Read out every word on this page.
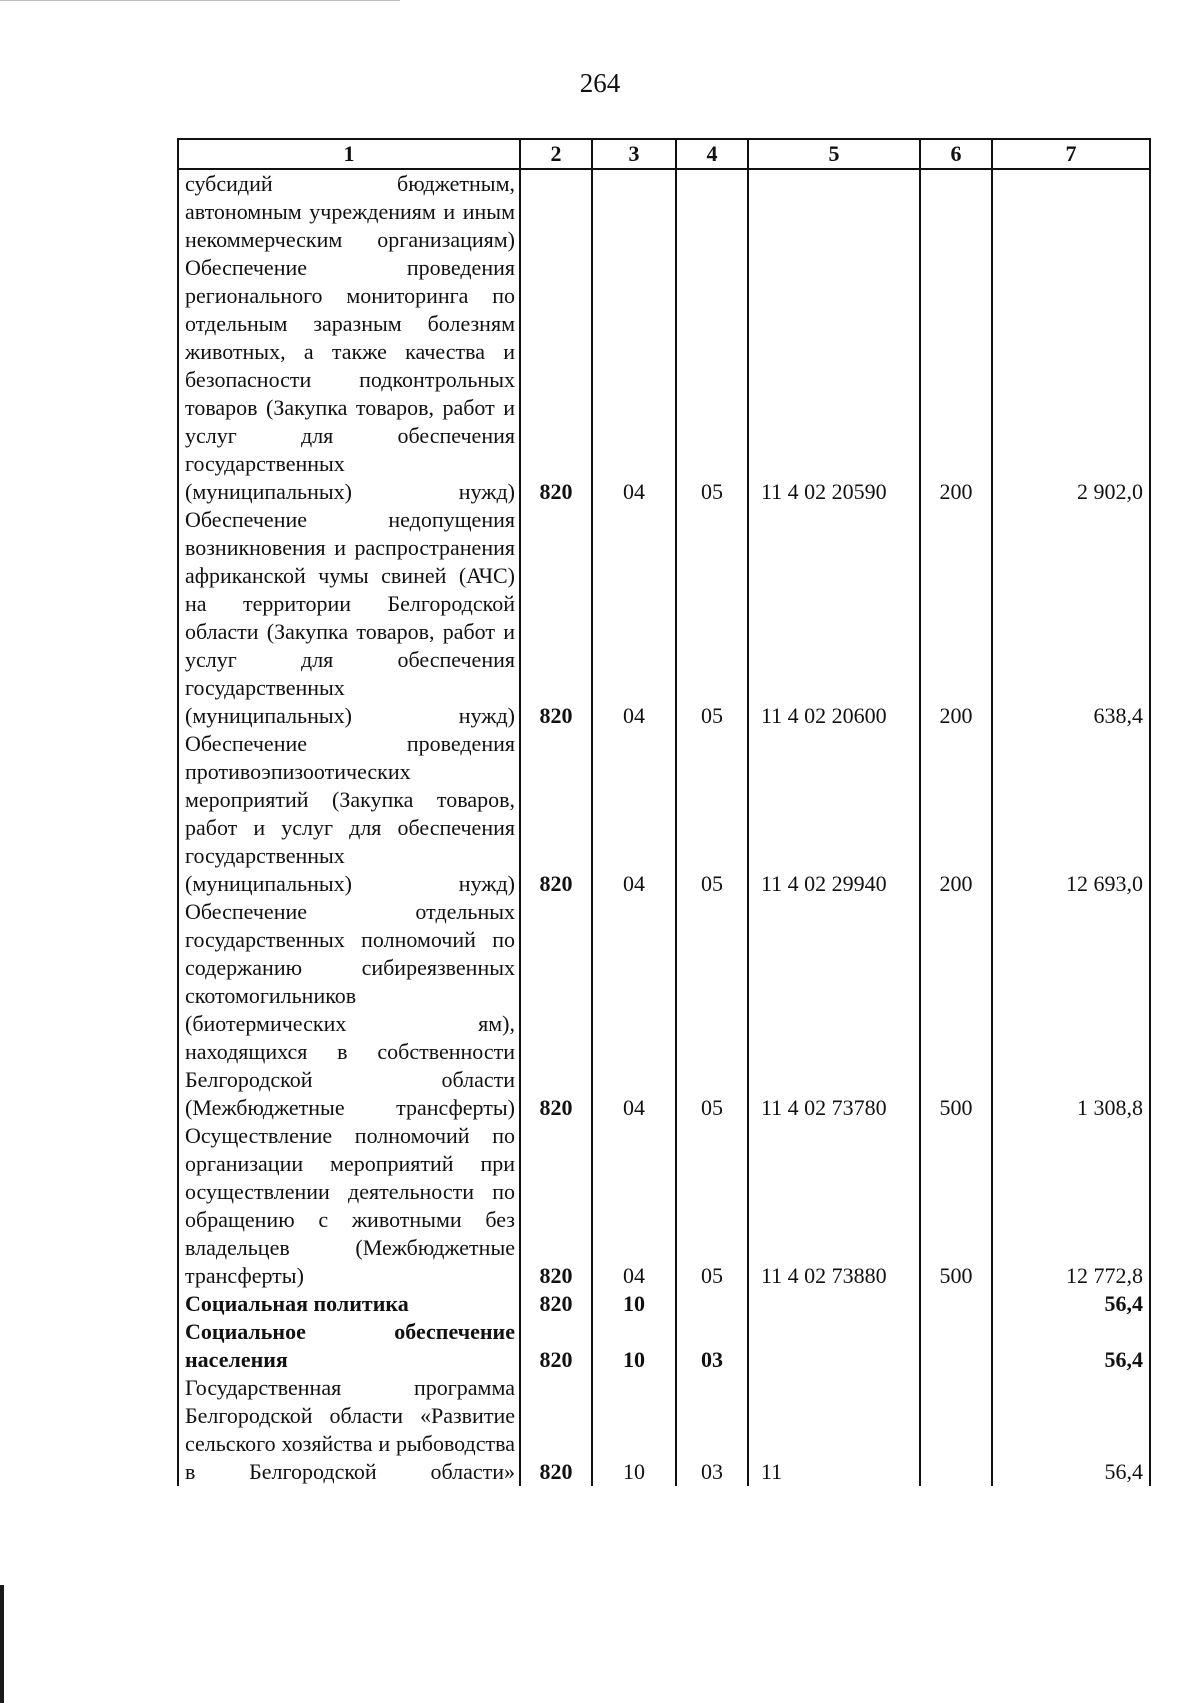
264
1	2	3	4	5	6	7
субсидий бюджетным, автономным учреждениям и иным некоммерческим организациям)						
Обеспечение проведения регионального мониторинга по отдельным заразным болезням животных, а также качества и безопасности подконтрольных товаров (Закупка товаров, работ и услуг для обеспечения государственных (муниципальных) нужд)	820	04	05	11 4 02 20590	200	2 902,0
Обеспечение недопущения возникновения и распространения африканской чумы свиней (АЧС) на территории Белгородской области (Закупка товаров, работ и услуг для обеспечения государственных (муниципальных) нужд)	820	04	05	11 4 02 20600	200	638,4
Обеспечение проведения противоэпизоотических мероприятий (Закупка товаров, работ и услуг для обеспечения государственных (муниципальных) нужд)	820	04	05	11 4 02 29940	200	12 693,0
Обеспечение отдельных государственных полномочий по содержанию сибиреязвенных скотомогильников (биотермических ям), находящихся в собственности Белгородской области (Межбюджетные трансферты)	820	04	05	11 4 02 73780	500	1 308,8
Осуществление полномочий по организации мероприятий при осуществлении деятельности по обращению с животными без владельцев (Межбюджетные трансферты)	820	04	05	11 4 02 73880	500	12 772,8
Социальная политика	820	10				56,4
Социальное обеспечение населения	820	10	03			56,4
Государственная программа Белгородской области «Развитие сельского хозяйства и рыбоводства в Белгородской области»	820	10	03	11		56,4
